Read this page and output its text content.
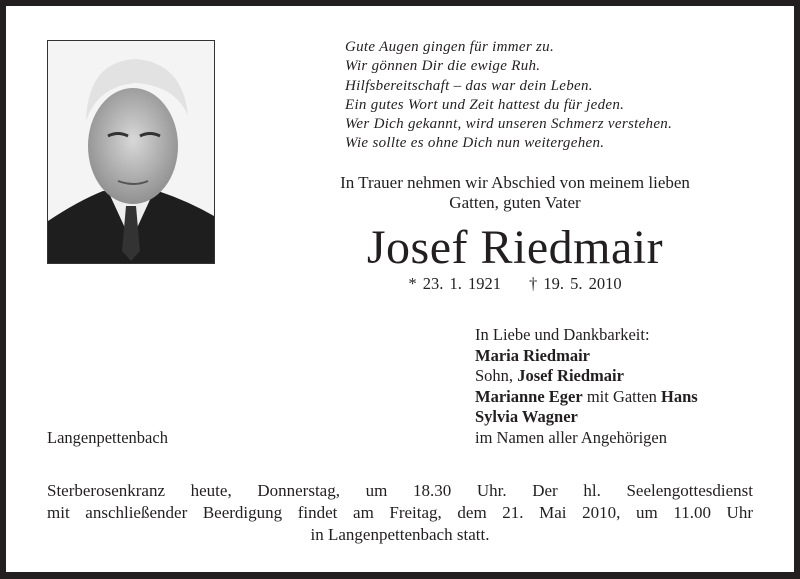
Gute Augen gingen für immer zu.
Wir gönnen Dir die ewige Ruh.
Hilfsbereitschaft – das war dein Leben.
Ein gutes Wort und Zeit hattest du für jeden.
Wer Dich gekannt, wird unseren Schmerz verstehen.
Wie sollte es ohne Dich nun weitergehen.
In Trauer nehmen wir Abschied von meinem lieben
Gatten, guten Vater
Josef Riedmair
* 23. 1. 1921 † 19. 5. 2010
In Liebe und Dankbarkeit:
Maria Riedmair
Sohn, Josef Riedmair
Marianne Eger mit Gatten Hans
Sylvia Wagner
im Namen aller Angehörigen
Langenpettenbach
Sterberosenkranz heute, Donnerstag, um 18.30 Uhr. Der hl. Seelengottesdienst
mit anschließender Beerdigung findet am Freitag, dem 21. Mai 2010, um 11.00 Uhr
in Langenpettenbach statt.
